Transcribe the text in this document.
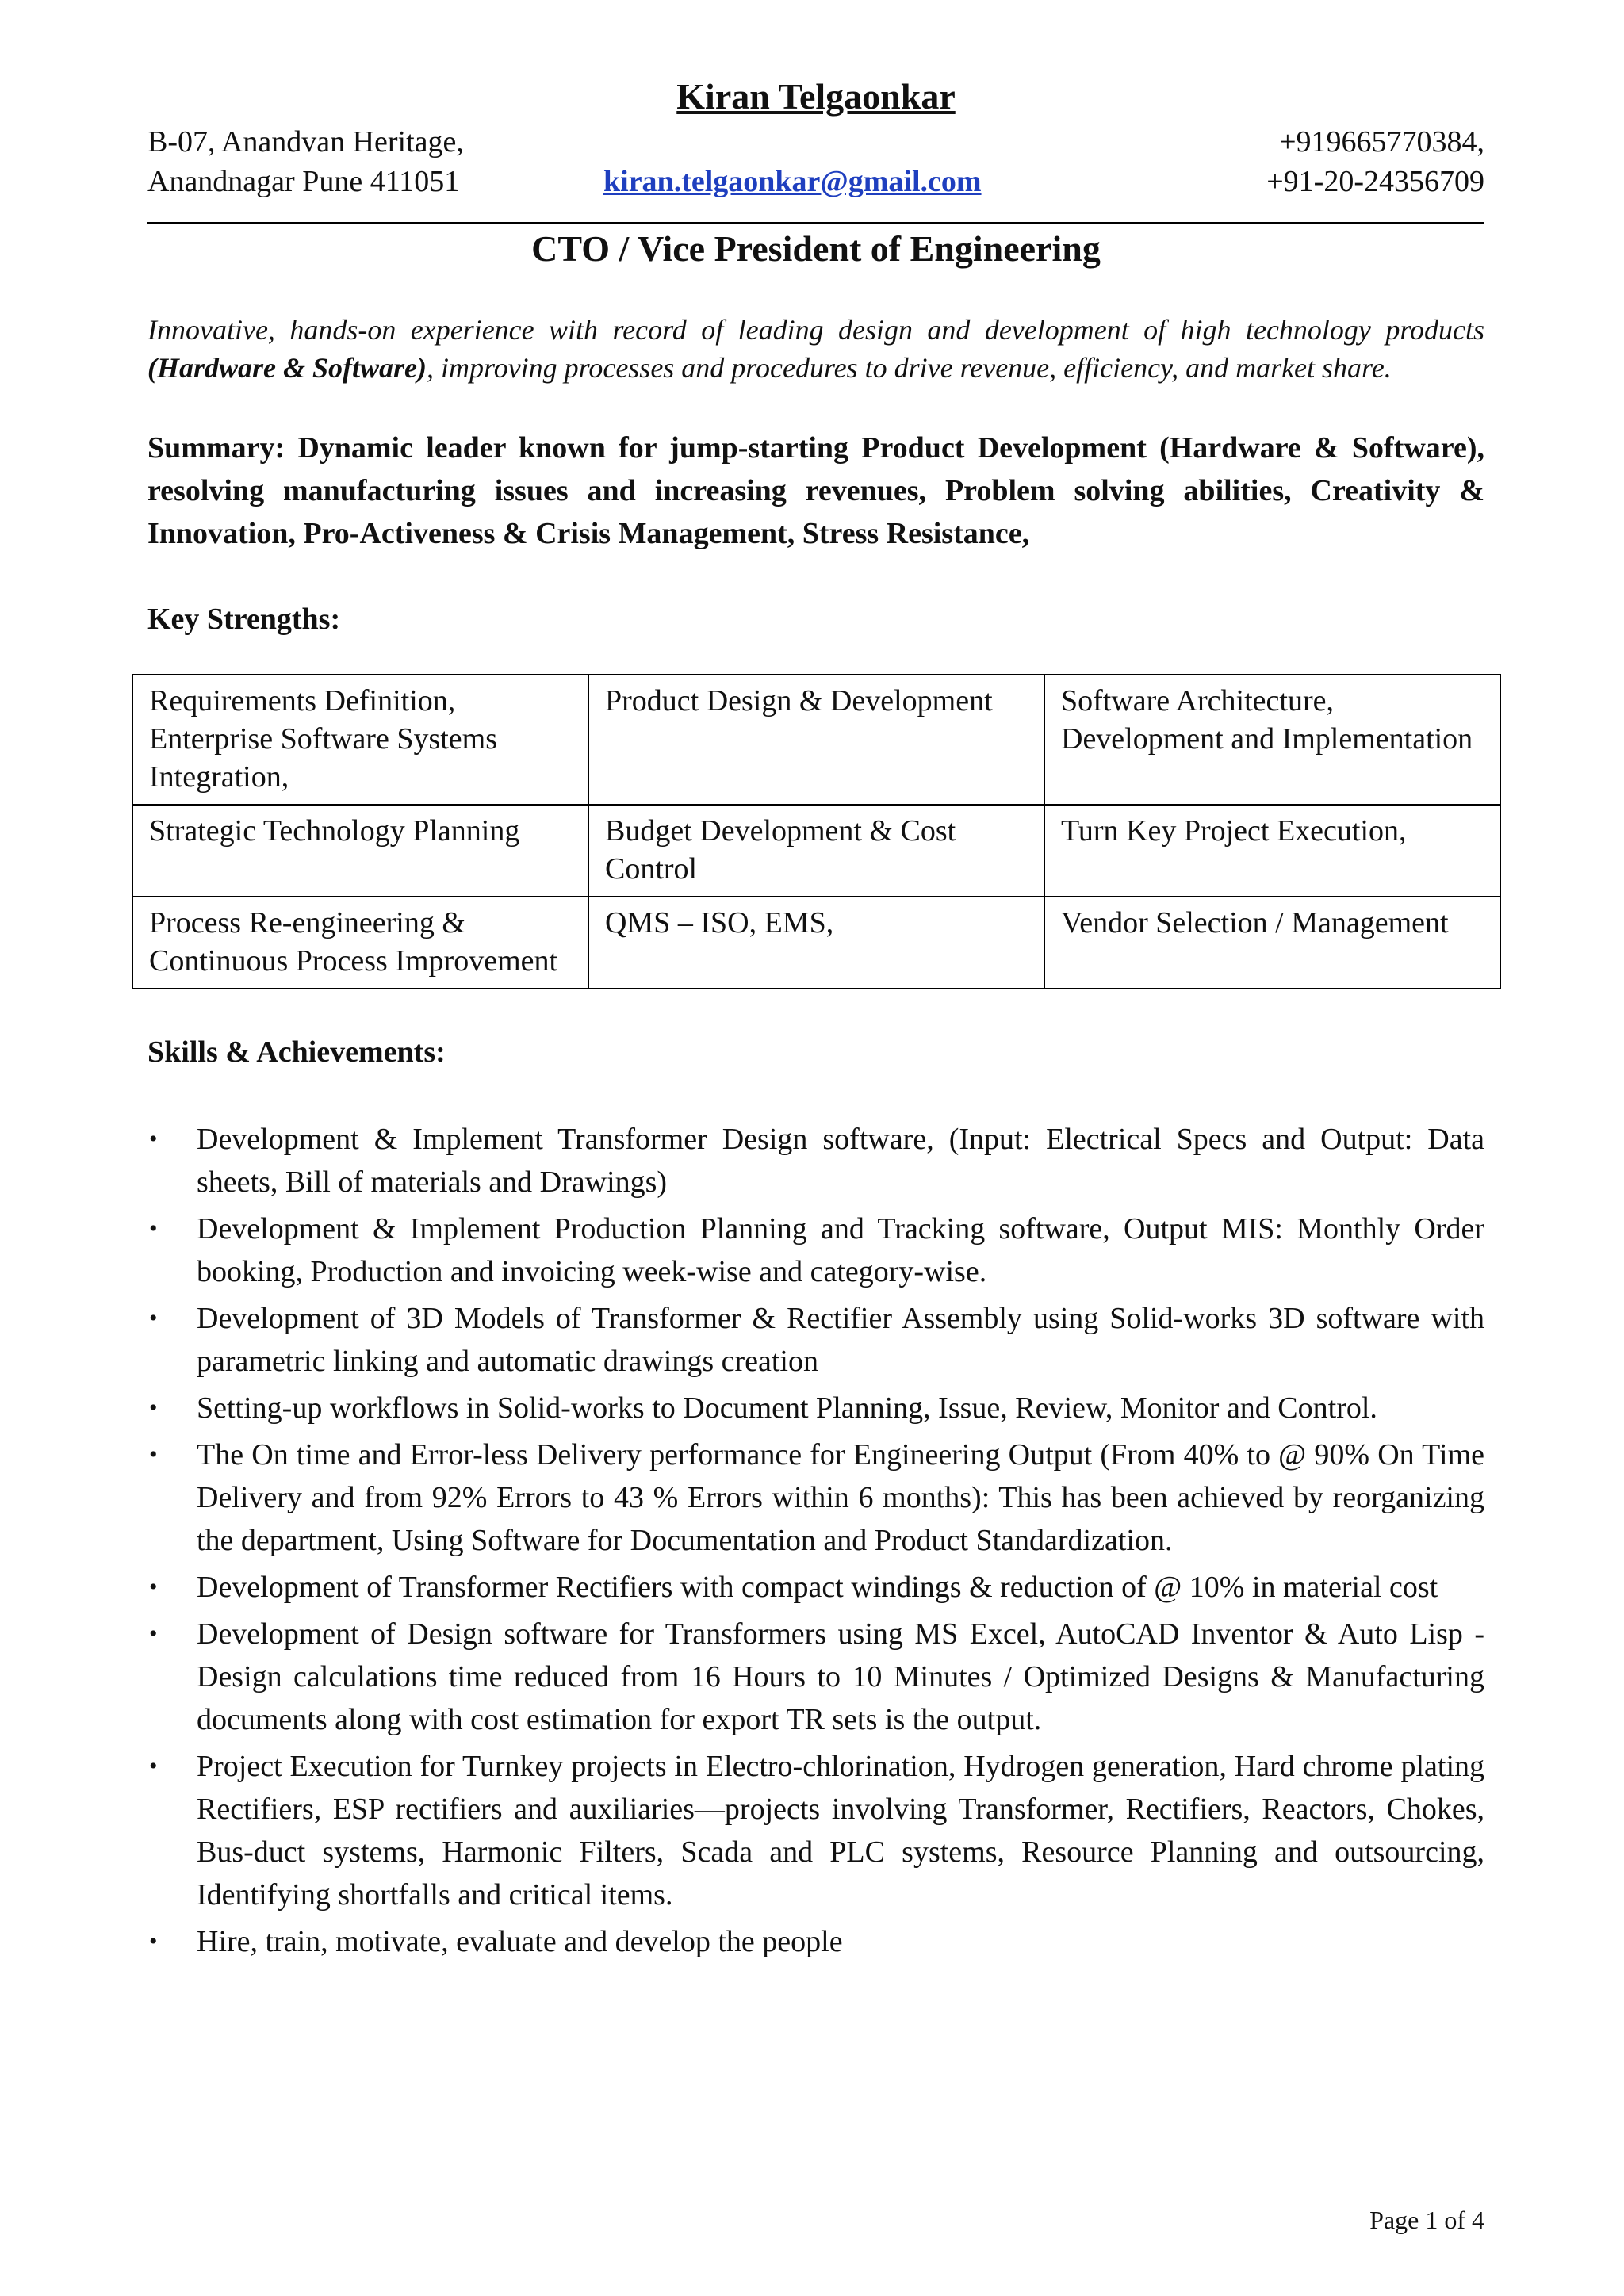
Kiran Telgaonkar
B-07, Anandvan Heritage,
Anandnagar Pune 411051	kiran.telgaonkar@gmail.com
+919665770384,
+91-20-24356709
CTO / Vice President of Engineering
Innovative, hands-on experience with record of leading design and development of high technology products (Hardware & Software), improving processes and procedures to drive revenue, efficiency, and market share.
Summary: Dynamic leader known for jump-starting Product Development (Hardware & Software), resolving manufacturing issues and increasing revenues, Problem solving abilities, Creativity & Innovation, Pro-Activeness & Crisis Management, Stress Resistance,
Key Strengths:
Requirements Definition, Enterprise Software Systems Integration,	Product Design & Development	Software Architecture, Development and Implementation
Strategic Technology Planning	Budget Development & Cost Control	Turn Key Project Execution,
Process Re-engineering & Continuous Process Improvement	QMS – ISO, EMS,	Vendor Selection / Management
Skills & Achievements:
• Development & Implement Transformer Design software, (Input: Electrical Specs and Output: Data sheets, Bill of materials and Drawings)
• Development & Implement Production Planning and Tracking software, Output MIS: Monthly Order booking, Production and invoicing week-wise and category-wise.
• Development of 3D Models of Transformer & Rectifier Assembly using Solid-works 3D software with parametric linking and automatic drawings creation
• Setting-up workflows in Solid-works to Document Planning, Issue, Review, Monitor and Control.
• The On time and Error-less Delivery performance for Engineering Output (From 40% to @ 90% On Time Delivery and from 92% Errors to 43 % Errors within 6 months): This has been achieved by reorganizing the department, Using Software for Documentation and Product Standardization.
• Development of Transformer Rectifiers with compact windings & reduction of @ 10% in material cost
• Development of Design software for Transformers using MS Excel, AutoCAD Inventor & Auto Lisp - Design calculations time reduced from 16 Hours to 10 Minutes / Optimized Designs & Manufacturing documents along with cost estimation for export TR sets is the output.
• Project Execution for Turnkey projects in Electro-chlorination, Hydrogen generation, Hard chrome plating Rectifiers, ESP rectifiers and auxiliaries—projects involving Transformer, Rectifiers, Reactors, Chokes, Bus-duct systems, Harmonic Filters, Scada and PLC systems, Resource Planning and outsourcing, Identifying shortfalls and critical items.
• Hire, train, motivate, evaluate and develop the people
Page 1 of 4
